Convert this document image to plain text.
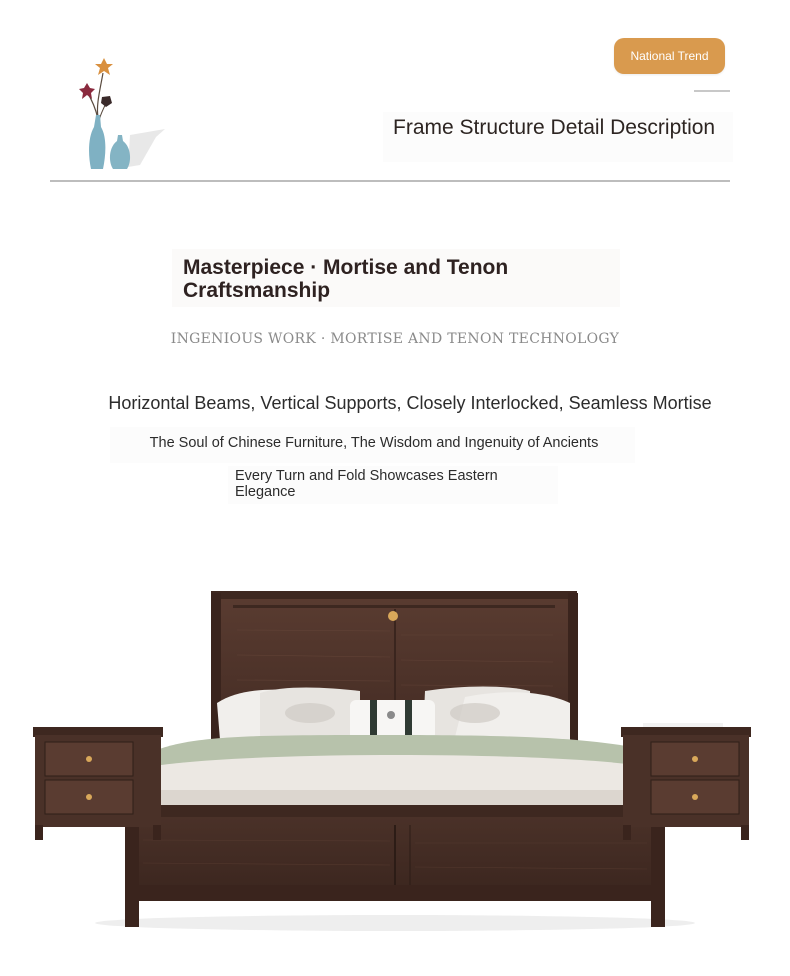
National Trend
Frame Structure Detail Description
Masterpiece · Mortise and Tenon Craftsmanship
INGENIOUS WORK · MORTISE AND TENON TECHNOLOGY
Horizontal Beams, Vertical Supports, Closely Interlocked, Seamless Mortise
The Soul of Chinese Furniture, The Wisdom and Ingenuity of Ancients
Every Turn and Fold Showcases Eastern Elegance
